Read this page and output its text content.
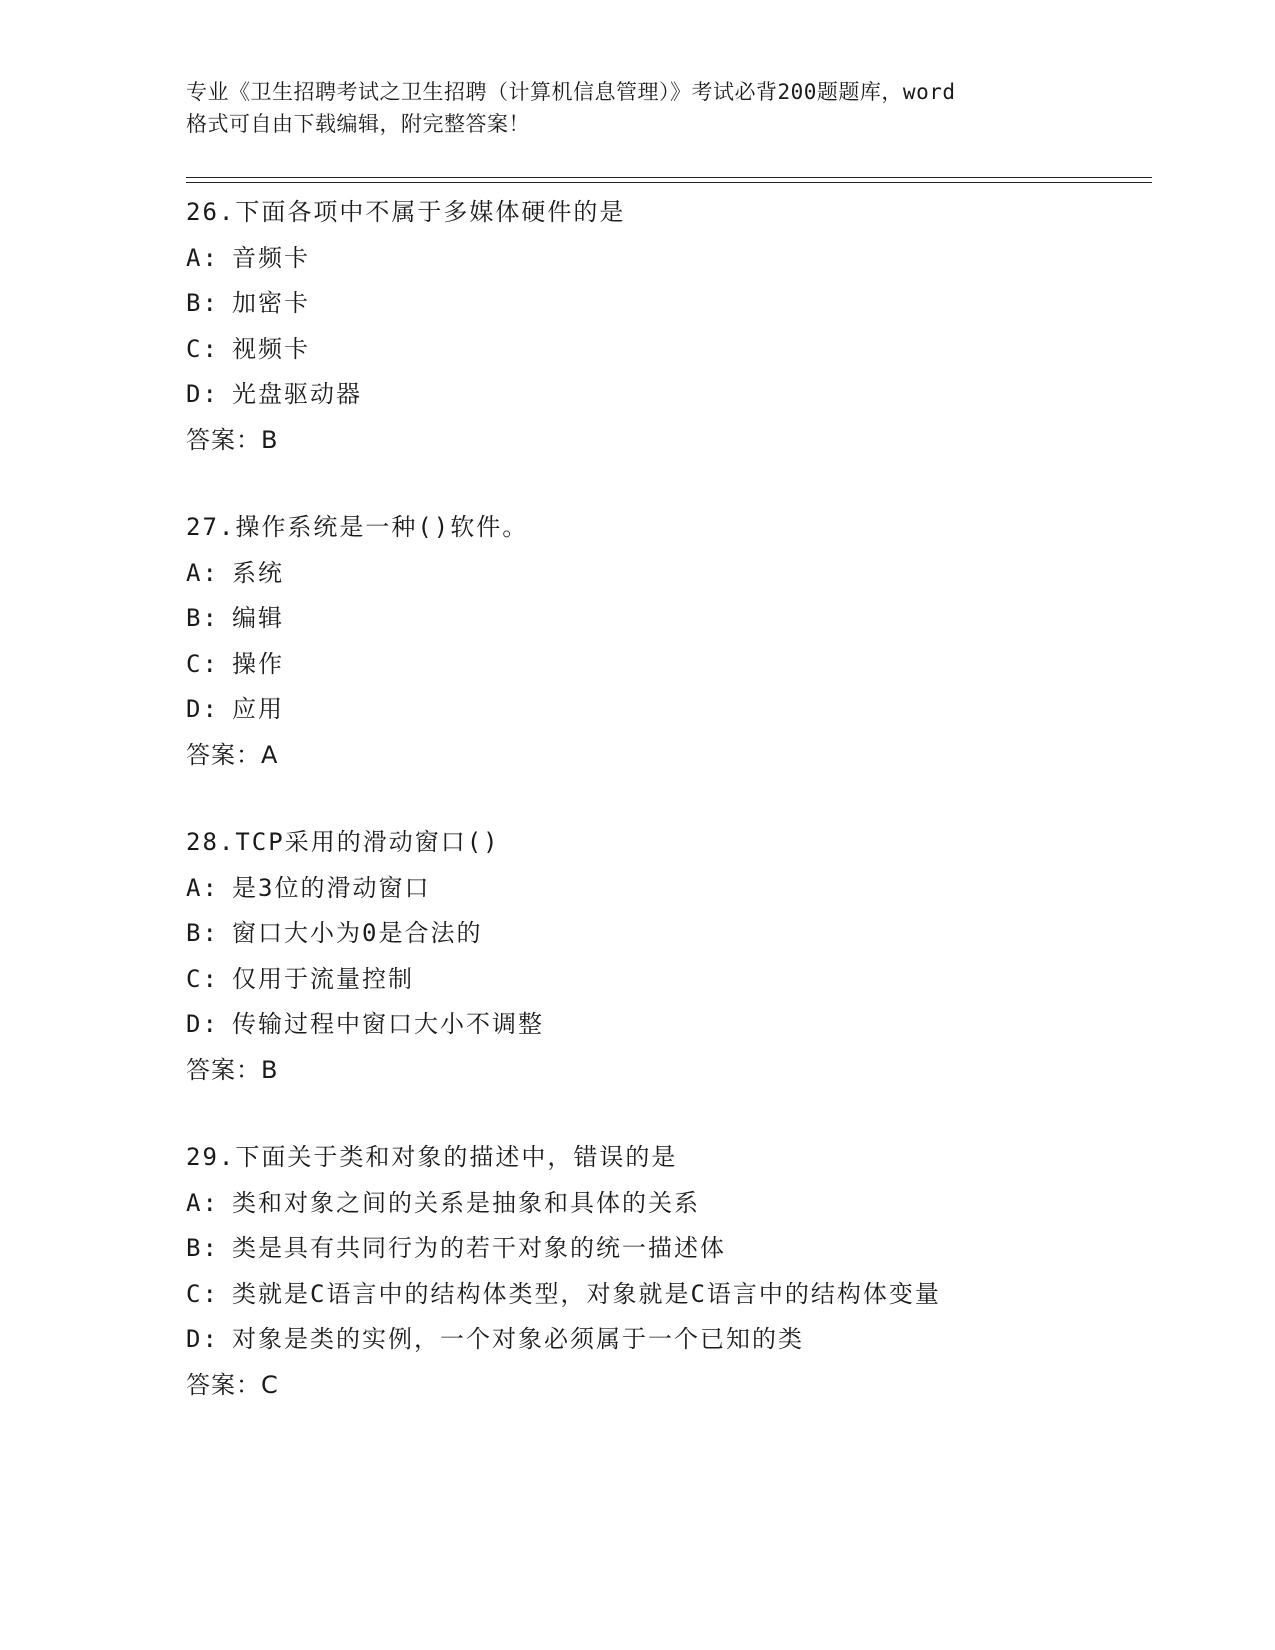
专业《卫生招聘考试之卫生招聘（计算机信息管理）》考试必背200题题库，word
格式可自由下载编辑，附完整答案！
26.下面各项中不属于多媒体硬件的是
A: 音频卡
B: 加密卡
C: 视频卡
D: 光盘驱动器
答案：B
27.操作系统是一种()软件。
A: 系统
B: 编辑
C: 操作
D: 应用
答案：A
28.TCP采用的滑动窗口()
A: 是3位的滑动窗口
B: 窗口大小为0是合法的
C: 仅用于流量控制
D: 传输过程中窗口大小不调整
答案：B
29.下面关于类和对象的描述中，错误的是
A: 类和对象之间的关系是抽象和具体的关系
B: 类是具有共同行为的若干对象的统一描述体
C: 类就是C语言中的结构体类型，对象就是C语言中的结构体变量
D: 对象是类的实例，一个对象必须属于一个已知的类
答案：C
